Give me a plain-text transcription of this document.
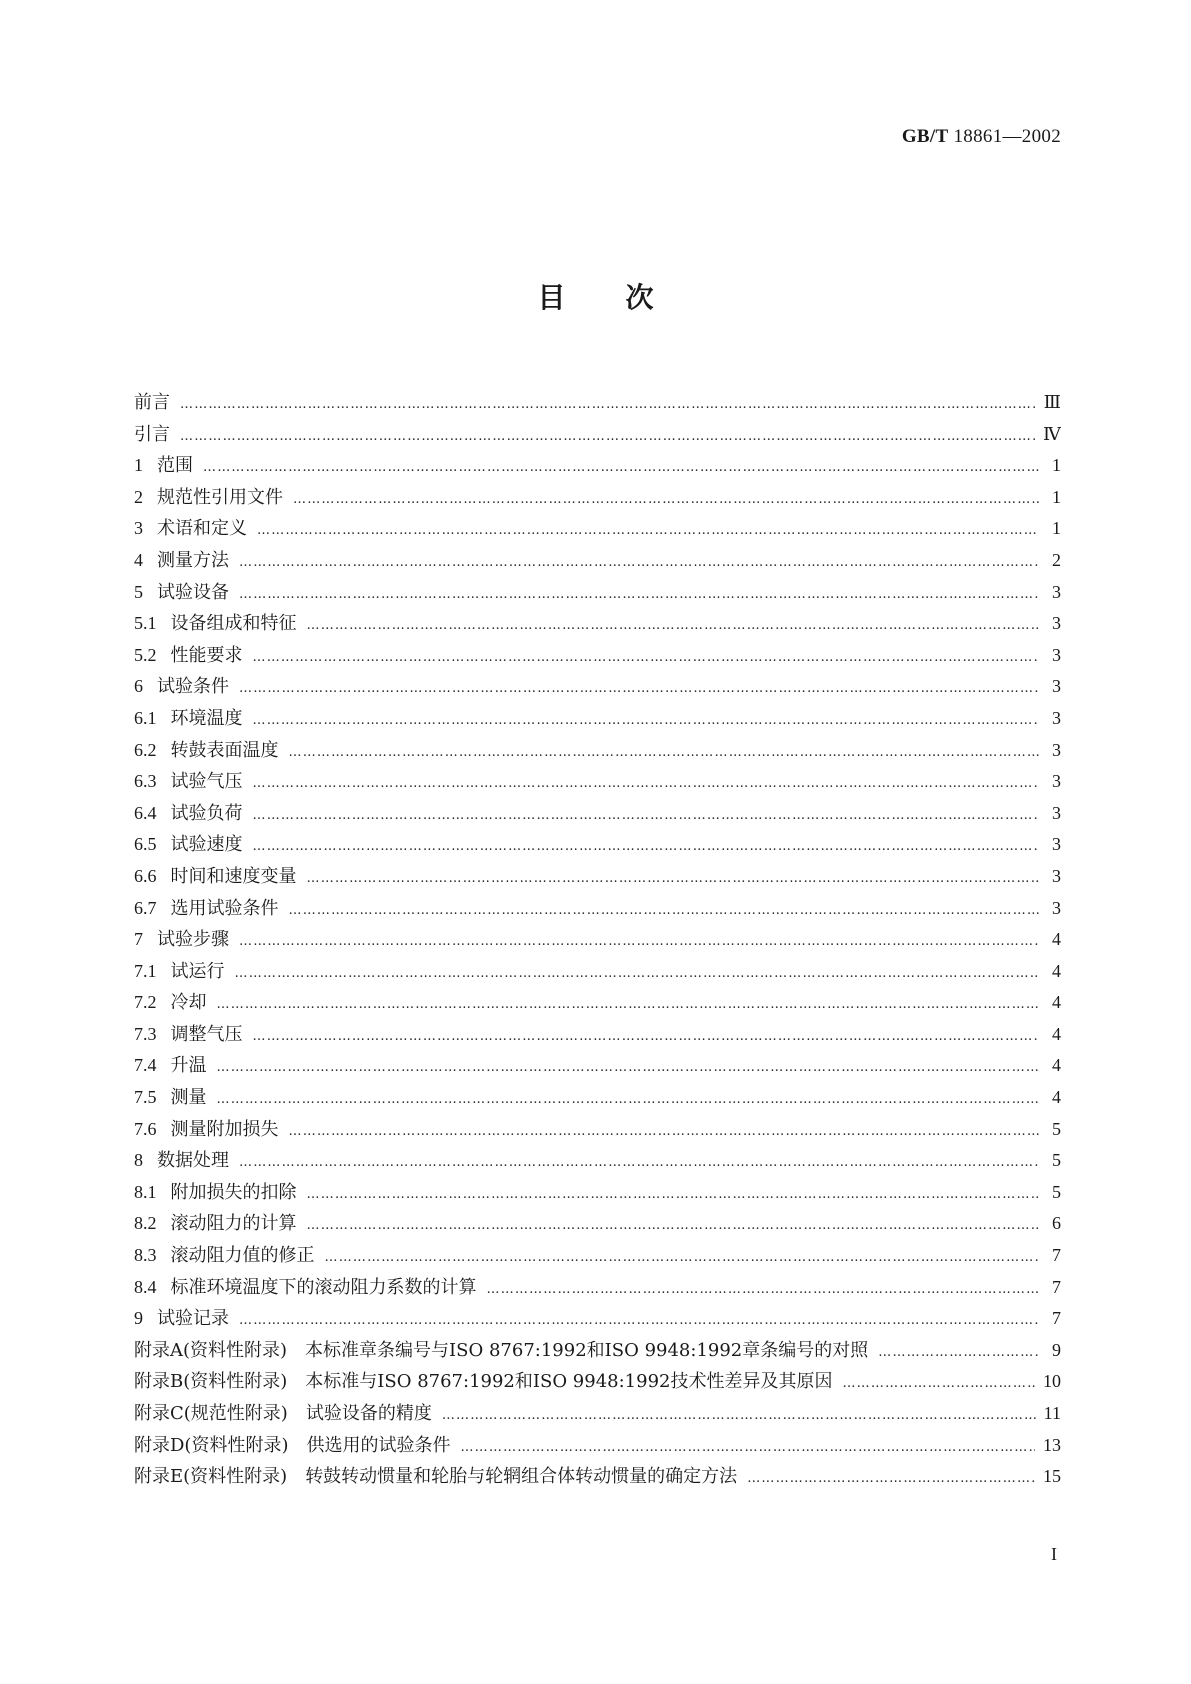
GB/T 18861—2002
目次
前言 ……………………………………………………………………………………………………………………………………………………………………………………………………………………………………	Ⅲ
引言 ……………………………………………………………………………………………………………………………………………………………………………………………………………………………………	Ⅳ
1 范围 ……………………………………………………………………………………………………………………………………………………………………………………………………………………………………	1
2 规范性引用文件 ……………………………………………………………………………………………………………………………………………………………………………………………………………………………………	1
3 术语和定义 ……………………………………………………………………………………………………………………………………………………………………………………………………………………………………	1
4 测量方法 ……………………………………………………………………………………………………………………………………………………………………………………………………………………………………	2
5 试验设备 ……………………………………………………………………………………………………………………………………………………………………………………………………………………………………	3
5.1 设备组成和特征 ……………………………………………………………………………………………………………………………………………………………………………………………………………………………………	3
5.2 性能要求 ……………………………………………………………………………………………………………………………………………………………………………………………………………………………………	3
6 试验条件 ……………………………………………………………………………………………………………………………………………………………………………………………………………………………………	3
6.1 环境温度 ……………………………………………………………………………………………………………………………………………………………………………………………………………………………………	3
6.2 转鼓表面温度 ……………………………………………………………………………………………………………………………………………………………………………………………………………………………………	3
6.3 试验气压 ……………………………………………………………………………………………………………………………………………………………………………………………………………………………………	3
6.4 试验负荷 ……………………………………………………………………………………………………………………………………………………………………………………………………………………………………	3
6.5 试验速度 ……………………………………………………………………………………………………………………………………………………………………………………………………………………………………	3
6.6 时间和速度变量 ……………………………………………………………………………………………………………………………………………………………………………………………………………………………………	3
6.7 选用试验条件 ……………………………………………………………………………………………………………………………………………………………………………………………………………………………………	3
7 试验步骤 ……………………………………………………………………………………………………………………………………………………………………………………………………………………………………	4
7.1 试运行 ……………………………………………………………………………………………………………………………………………………………………………………………………………………………………	4
7.2 冷却 ……………………………………………………………………………………………………………………………………………………………………………………………………………………………………	4
7.3 调整气压 ……………………………………………………………………………………………………………………………………………………………………………………………………………………………………	4
7.4 升温 ……………………………………………………………………………………………………………………………………………………………………………………………………………………………………	4
7.5 测量 ……………………………………………………………………………………………………………………………………………………………………………………………………………………………………	4
7.6 测量附加损失 ……………………………………………………………………………………………………………………………………………………………………………………………………………………………………	5
8 数据处理 ……………………………………………………………………………………………………………………………………………………………………………………………………………………………………	5
8.1 附加损失的扣除 ……………………………………………………………………………………………………………………………………………………………………………………………………………………………………	5
8.2 滚动阻力的计算 ……………………………………………………………………………………………………………………………………………………………………………………………………………………………………	6
8.3 滚动阻力值的修正 ……………………………………………………………………………………………………………………………………………………………………………………………………………………………………	7
8.4 标准环境温度下的滚动阻力系数的计算 ……………………………………………………………………………………………………………………………………………………………………………………………………………………………………	7
9 试验记录 ……………………………………………………………………………………………………………………………………………………………………………………………………………………………………	7
附录A(资料性附录) 本标准章条编号与ISO 8767:1992和ISO 9948:1992章条编号的对照 ……………………………………………………………………………………………………………………………………………………………………………………………………………………………………	9
附录B(资料性附录) 本标准与ISO 8767:1992和ISO 9948:1992技术性差异及其原因 ……………………………………………………………………………………………………………………………………………………………………………………………………………………………………	10
附录C(规范性附录) 试验设备的精度 ……………………………………………………………………………………………………………………………………………………………………………………………………………………………………	11
附录D(资料性附录) 供选用的试验条件 ……………………………………………………………………………………………………………………………………………………………………………………………………………………………………	13
附录E(资料性附录) 转鼓转动惯量和轮胎与轮辋组合体转动惯量的确定方法 ……………………………………………………………………………………………………………………………………………………………………………………………………………………………………	15
I
